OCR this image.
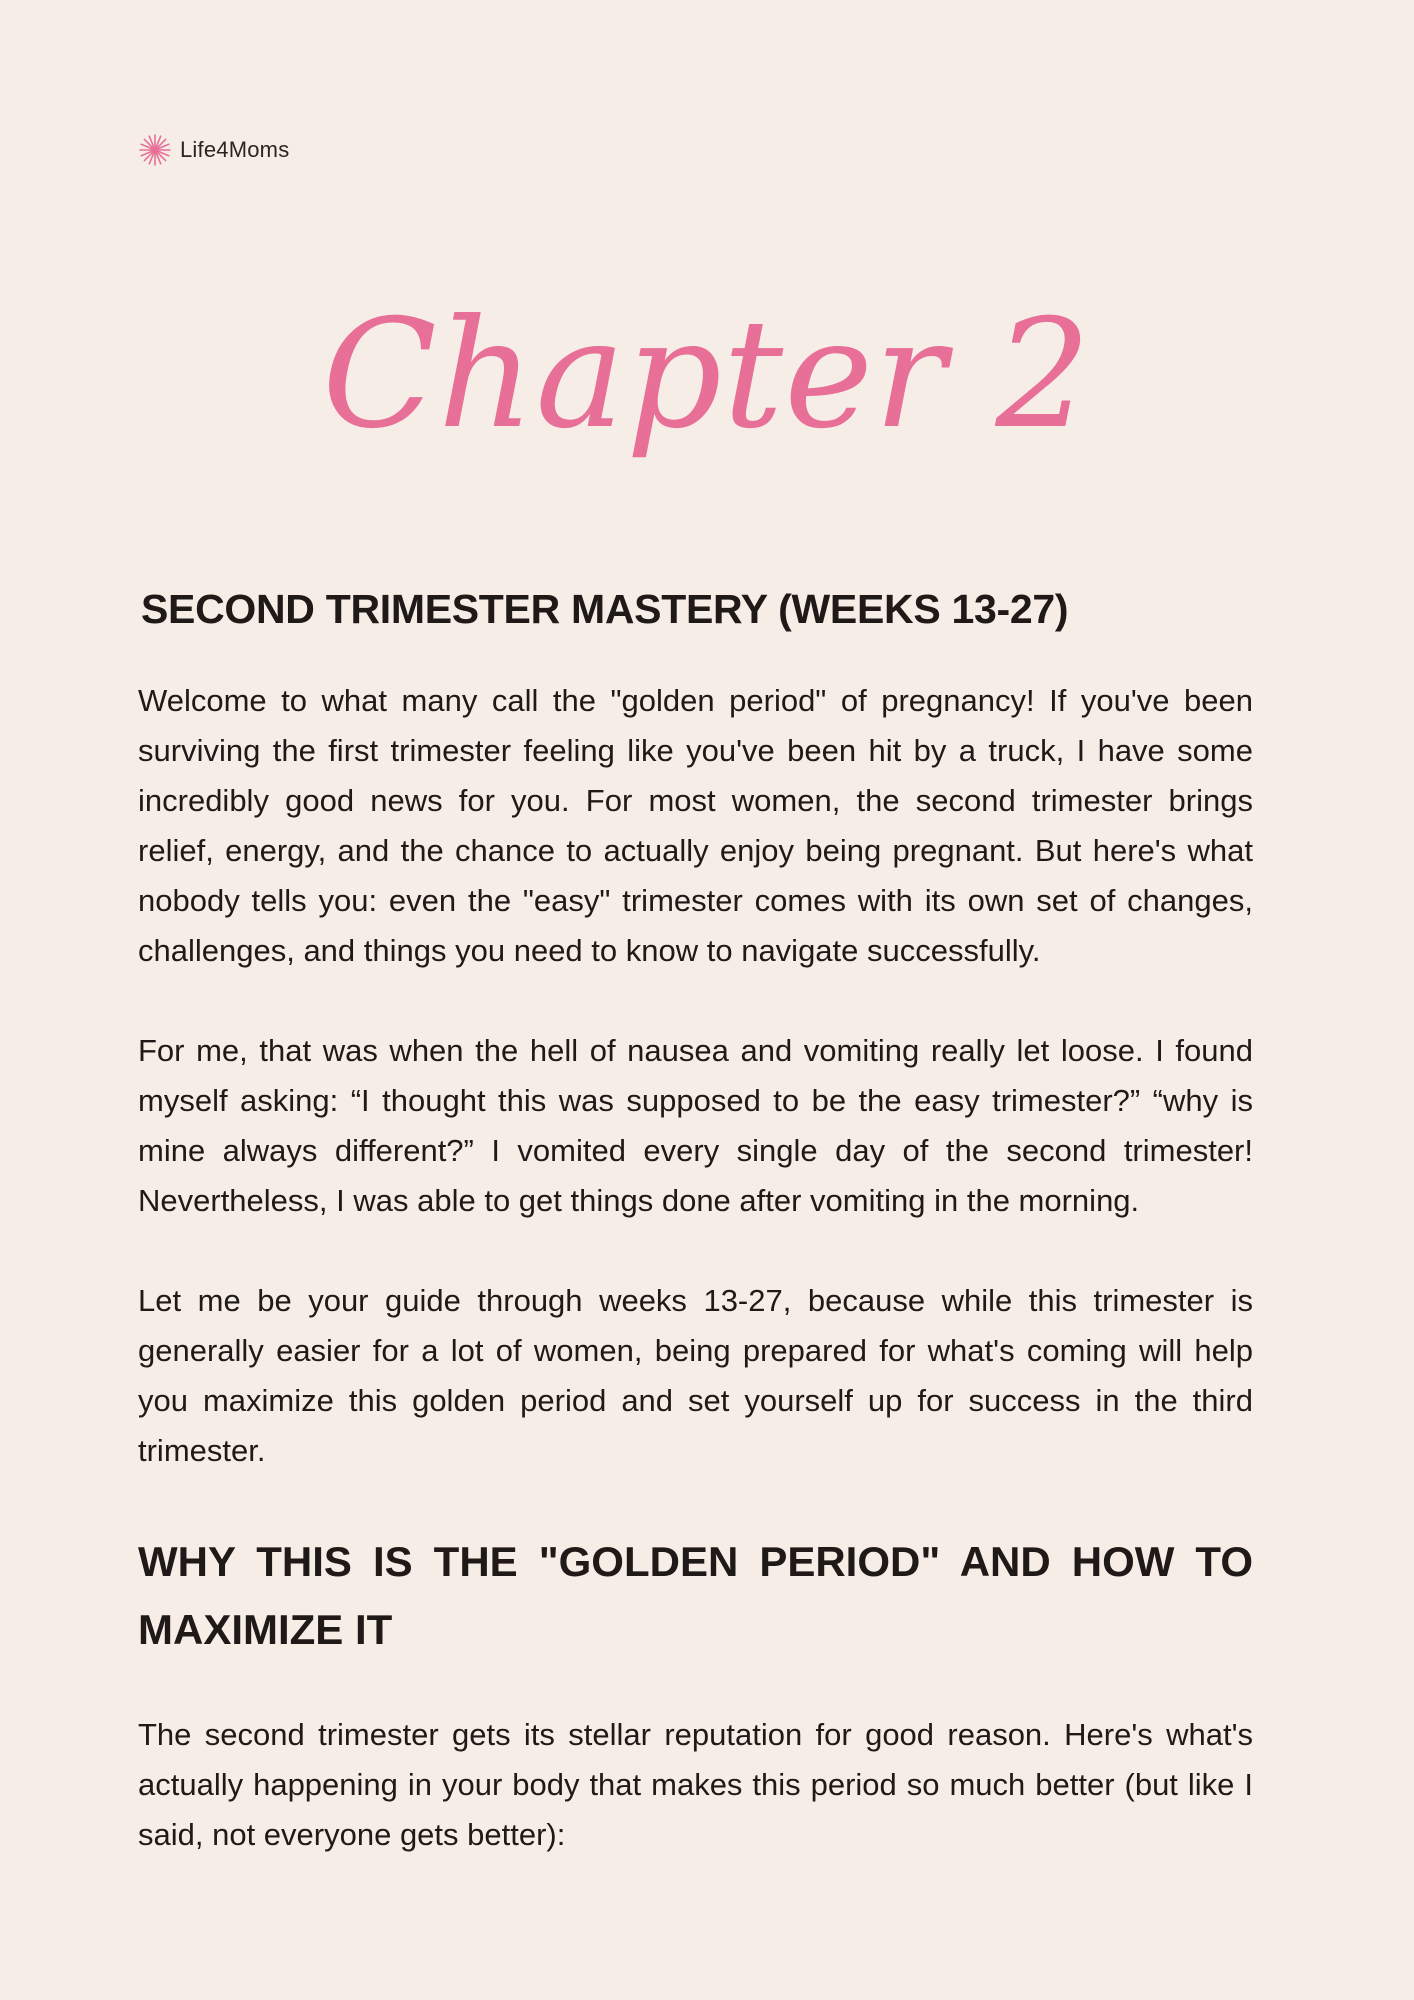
Life4Moms
Chapter 2
SECOND TRIMESTER MASTERY (WEEKS 13-27)

Welcome to what many call the "golden period" of pregnancy! If you've been surviving the first trimester feeling like you've been hit by a truck, I have some incredibly good news for you. For most women, the second trimester brings relief, energy, and the chance to actually enjoy being pregnant. But here's what nobody tells you: even the "easy" trimester comes with its own set of changes, challenges, and things you need to know to navigate successfully.

For me, that was when the hell of nausea and vomiting really let loose. I found myself asking: “I thought this was supposed to be the easy trimester?” “why is mine always different?” I vomited every single day of the second trimester! Nevertheless, I was able to get things done after vomiting in the morning.

Let me be your guide through weeks 13-27, because while this trimester is generally easier for a lot of women, being prepared for what's coming will help you maximize this golden period and set yourself up for success in the third trimester.

WHY THIS IS THE "GOLDEN PERIOD" AND HOW TO MAXIMIZE IT

The second trimester gets its stellar reputation for good reason. Here's what's actually happening in your body that makes this period so much better (but like I said, not everyone gets better):
